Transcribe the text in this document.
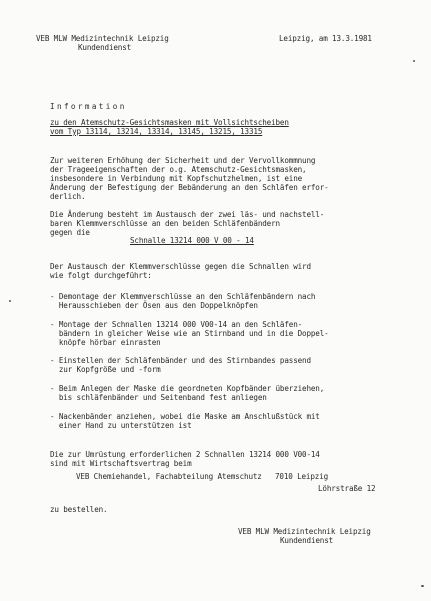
VEB MLW Medizintechnik Leipzig
Kundendienst
Leipzig, am 13.3.1981
Information
zu den Atemschutz-Gesichtsmasken mit Vollsichtscheiben
vom Typ 13114, 13214, 13314, 13145, 13215, 13315
Zur weiteren Erhöhung der Sicherheit und der Vervollkommnung
der Trageeigenschaften der o.g. Atemschutz-Gesichtsmasken,
insbesondere in Verbindung mit Kopfschutzhelmen, ist eine
Änderung der Befestigung der Bebänderung an den Schläfen erfor-
derlich.
Die Änderung besteht im Austausch der zwei läs- und nachstell-
baren Klemmverschlüsse an den beiden Schläfenbändern
gegen die
Schnalle 13214 000 V 00 - 14
Der Austausch der Klemmverschlüsse gegen die Schnallen wird
wie folgt durchgeführt:
- Demontage der Klemmverschlüsse an den Schläfenbändern nach
Herausschieben der Ösen aus den Doppelknöpfen
- Montage der Schnallen 13214 000 V00-14 an den Schläfen-
bändern in gleicher Weise wie an Stirnband und in die Doppel-
knöpfe hörbar einrasten
- Einstellen der Schläfenbänder und des Stirnbandes passend
zur Kopfgröße und -form
- Beim Anlegen der Maske die geordneten Kopfbänder überziehen,
bis schläfenbänder und Seitenband fest anliegen
- Nackenbänder anziehen, wobei die Maske am Anschlußstück mit
einer Hand zu unterstützen ist
Die zur Umrüstung erforderlichen 2 Schnallen 13214 000 V00-14
sind mit Wirtschaftsvertrag beim
VEB Chemiehandel, Fachabteilung Atemschutz   7010 Leipzig
Löhrstraße 12
zu bestellen.
VEB MLW Medizintechnik Leipzig
Kundendienst
